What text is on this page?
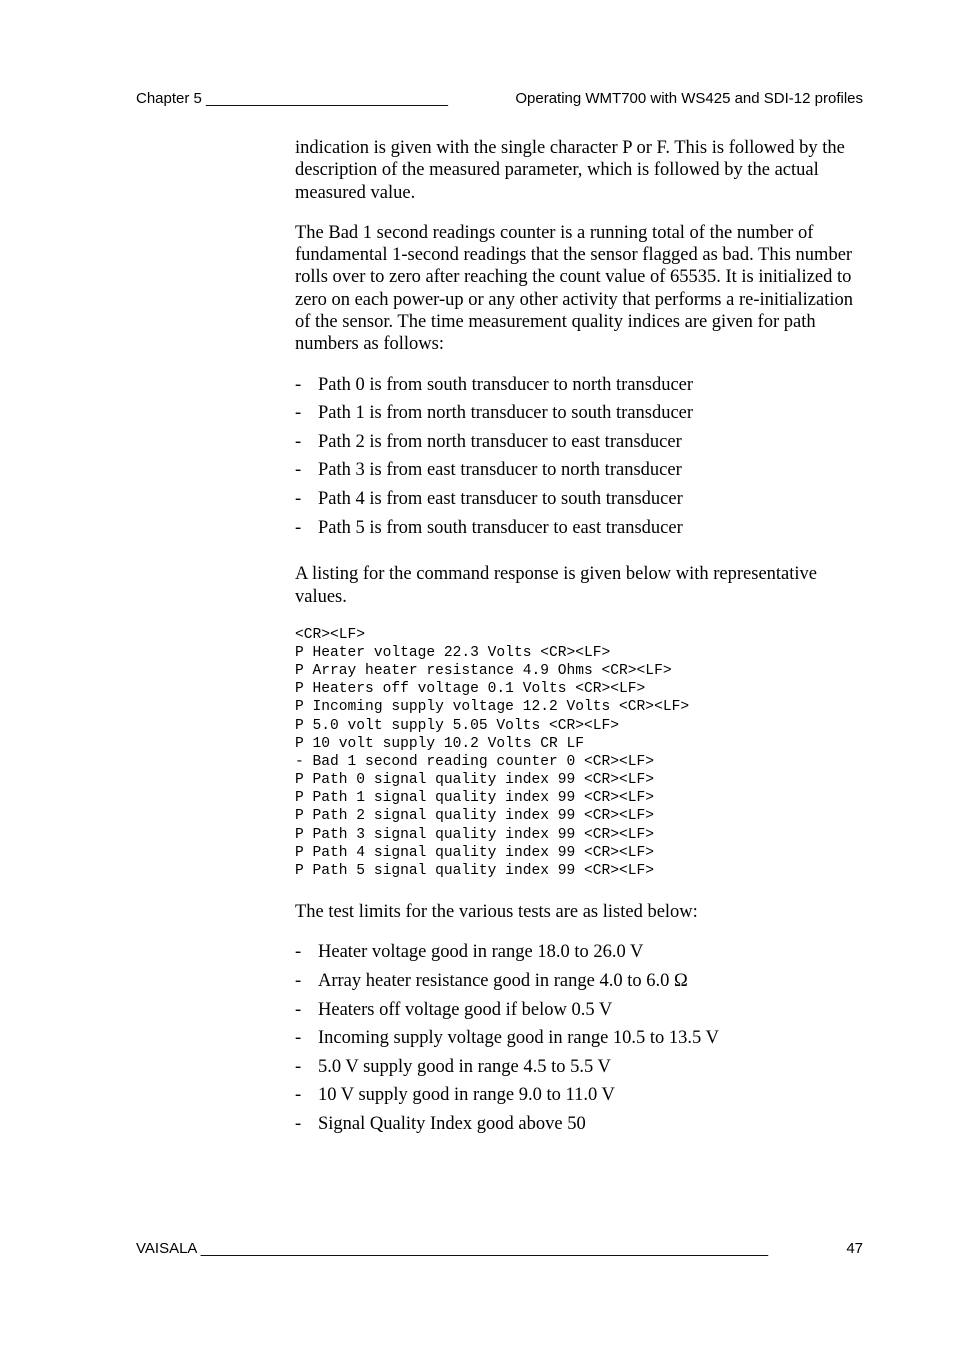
Chapter 5 _____________________________	Operating WMT700 with WS425 and SDI-12 profiles

indication is given with the single character P or F. This is followed by the description of the measured parameter, which is followed by the actual measured value.

The Bad 1 second readings counter is a running total of the number of fundamental 1-second readings that the sensor flagged as bad. This number rolls over to zero after reaching the count value of 65535. It is initialized to zero on each power-up or any other activity that performs a re-initialization of the sensor. The time measurement quality indices are given for path numbers as follows:

- Path 0 is from south transducer to north transducer
- Path 1 is from north transducer to south transducer
- Path 2 is from north transducer to east transducer
- Path 3 is from east transducer to north transducer
- Path 4 is from east transducer to south transducer
- Path 5 is from south transducer to east transducer

A listing for the command response is given below with representative values.

<CR><LF>
P Heater voltage 22.3 Volts <CR><LF>
P Array heater resistance 4.9 Ohms <CR><LF>
P Heaters off voltage 0.1 Volts <CR><LF>
P Incoming supply voltage 12.2 Volts <CR><LF>
P 5.0 volt supply 5.05 Volts <CR><LF>
P 10 volt supply 10.2 Volts CR LF
- Bad 1 second reading counter 0 <CR><LF>
P Path 0 signal quality index 99 <CR><LF>
P Path 1 signal quality index 99 <CR><LF>
P Path 2 signal quality index 99 <CR><LF>
P Path 3 signal quality index 99 <CR><LF>
P Path 4 signal quality index 99 <CR><LF>
P Path 5 signal quality index 99 <CR><LF>

The test limits for the various tests are as listed below:

- Heater voltage good in range 18.0 to 26.0 V
- Array heater resistance good in range 4.0 to 6.0 Ω
- Heaters off voltage good if below 0.5 V
- Incoming supply voltage good in range 10.5 to 13.5 V
- 5.0 V supply good in range 4.5 to 5.5 V
- 10 V supply good in range 9.0 to 11.0 V
- Signal Quality Index good above 50
VAISALA ____________________________________________________________________	47
